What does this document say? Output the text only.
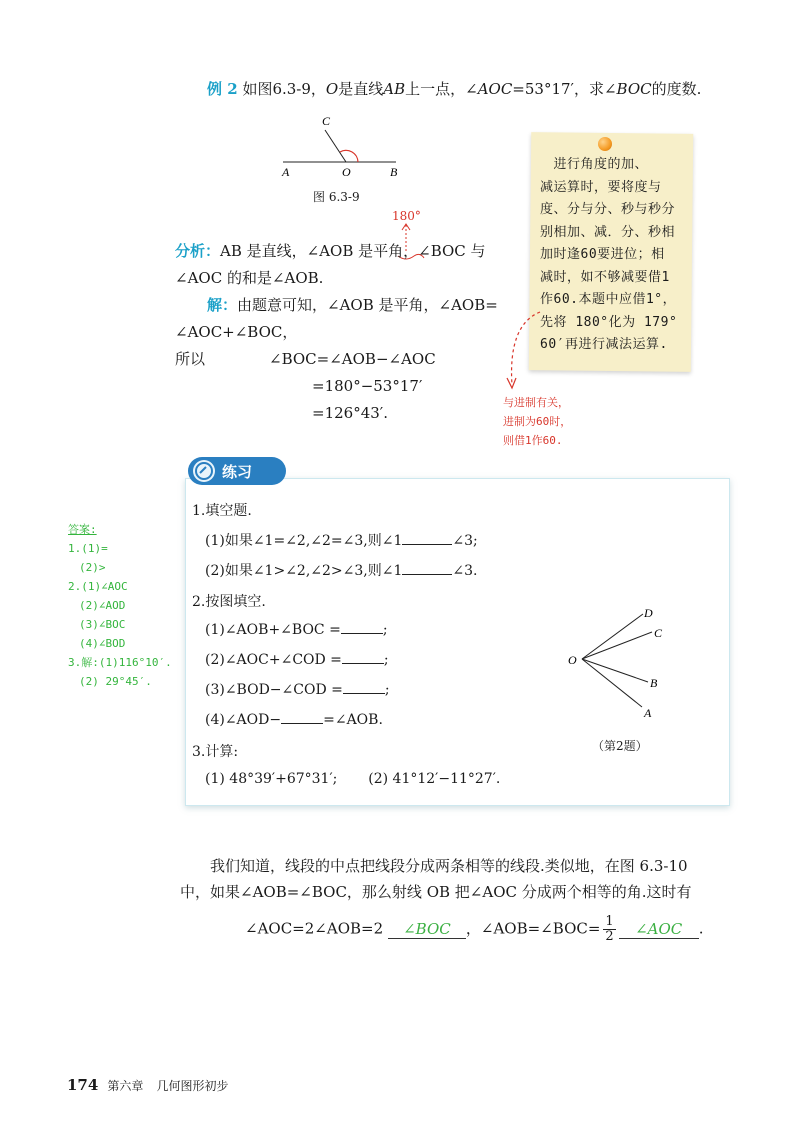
例 2 如图6.3-9，O是直线AB上一点，∠AOC=53°17′，求∠BOC的度数.
C
A	O	B
图 6.3-9
180°
分析：AB 是直线，∠AOB 是平角，∠BOC 与
∠AOC 的和是∠AOB.
解：由题意可知，∠AOB 是平角，∠AOB=
∠AOC+∠BOC，
所以	∠BOC=∠AOB−∠AOC
=180°−53°17′
=126°43′.
　进行角度的加、
减运算时，要将度与
度、分与分、秒与秒分
别相加、减．分、秒相
加时逢60要进位；相
减时，如不够减要借1
作60.本题中应借1°，
先将 180°化为 179°
60′再进行减法运算.
与进制有关，
进制为60时，
则借1作60.
练习
1.填空题.
(1)如果∠1=∠2,∠2=∠3,则∠1	∠3;
(2)如果∠1>∠2,∠2>∠3,则∠1	∠3.
2.按图填空.
(1)∠AOB+∠BOC =	;
(2)∠AOC+∠COD =	;
(3)∠BOD−∠COD =	;
(4)∠AOD−	=∠AOB.
3.计算:
(1) 48°39′+67°31′; (2) 41°12′−11°27′.
O
D
C
B
A
（第2题）
答案:
1.(1)=
　(2)>
2.(1)∠AOC
　(2)∠AOD
　(3)∠BOC
　(4)∠BOD
3.解:(1)116°10′.
　(2) 29°45′.
我们知道，线段的中点把线段分成两条相等的线段.类似地，在图 6.3-10
中，如果∠AOB=∠BOC，那么射线 OB 把∠AOC 分成两个相等的角.这时有
∠AOC=2∠AOB=2 ∠BOC ，∠AOB=∠BOC= $\frac{1}{2}$ ∠AOC .
174 第六章 几何图形初步
